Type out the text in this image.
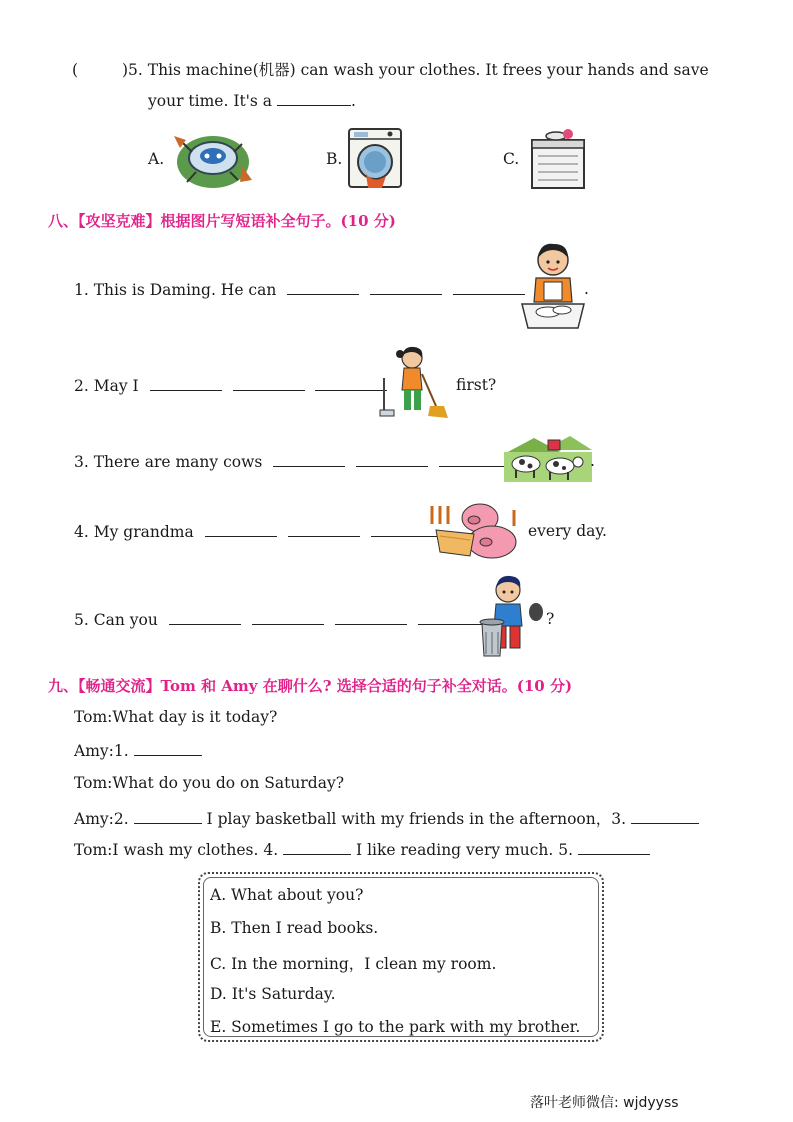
(	)5. This machine(机器) can wash your clothes. It frees your hands and save
your time. It's a	.
A.	B.	C.
八、【攻坚克难】根据图片写短语补全句子。(10 分)
1. This is Daming. He can	.
2. May I	first?
3. There are many cows	.
4. My grandma	every day.
5. Can you	?
九、【畅通交流】Tom 和 Amy 在聊什么? 选择合适的句子补全对话。(10 分)
Tom:What day is it today?
Amy:1.
Tom:What do you do on Saturday?
Amy:2.	I play basketball with my friends in the afternoon，3.
Tom:I wash my clothes. 4.	I like reading very much. 5.
A. What about you?
B. Then I read books.
C. In the morning，I clean my room.
D. It's Saturday.
E. Sometimes I go to the park with my brother.
落叶老师微信: wjdyyss
